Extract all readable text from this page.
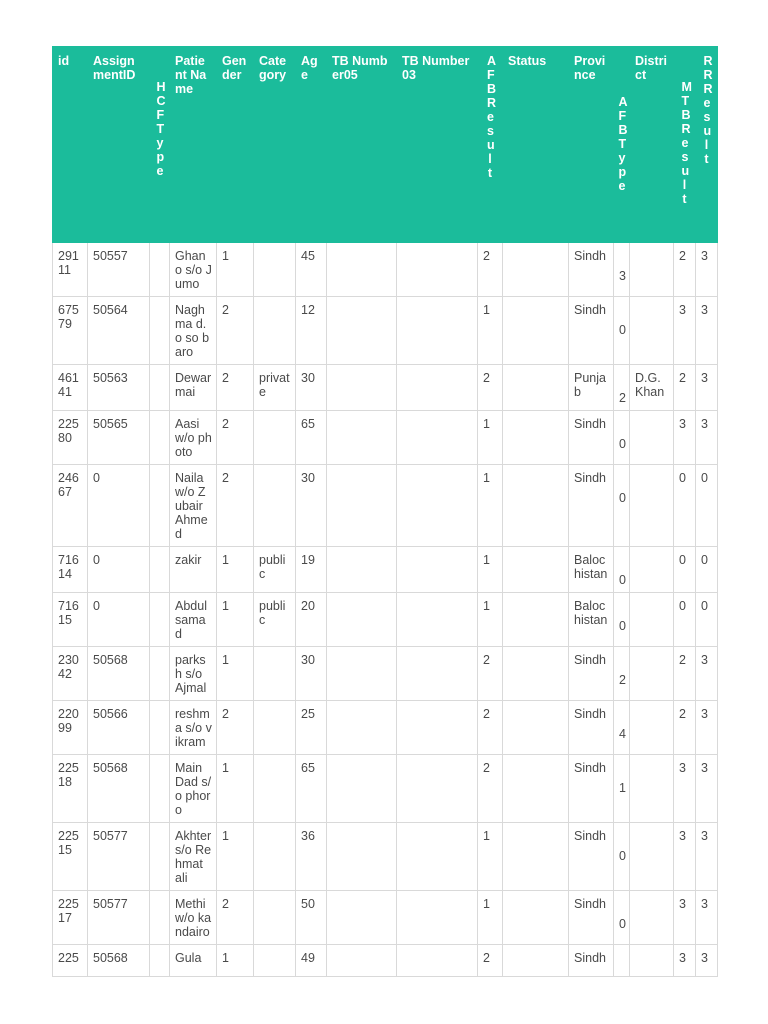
id	AssignmentID	HCF Type	Patient Name	Gender	Category	Age	TB Number05	TB Number03	AFBResult	Status	Province	AFB Type	District	MTBResult	RRResult

29111	50557		Ghano s/o Jumo	1		45			2		Sindh	3		2	3
67579	50564		Naghma d.o so baro	2		12			1		Sindh	0		3	3
46141	50563		Dewar mai	2	private	30			2		Punjab	2	D.G. Khan	2	3
22580	50565		Aasi w/o photo	2		65			1		Sindh	0		3	3
24667	0		Naila w/o Zubair Ahmed	2		30			1		Sindh	0		0	0
71614	0		zakir	1	public	19			1		Balochistan	0		0	0
71615	0		Abdul samad	1	public	20			1		Balochistan	0		0	0
23042	50568		parksh s/o Ajmal	1		30			2		Sindh	2		2	3
22099	50566		reshma s/o vikram	2		25			2		Sindh	4		2	3
22518	50568		Main Dad s/o phoro	1		65			2		Sindh	1		3	3
22515	50577		Akhter s/o Rehmat ali	1		36			1		Sindh	0		3	3
22517	50577		Methi w/o kandairo	2		50			1		Sindh	0		3	3
225	50568		Gula	1		49			2		Sindh			3	3
